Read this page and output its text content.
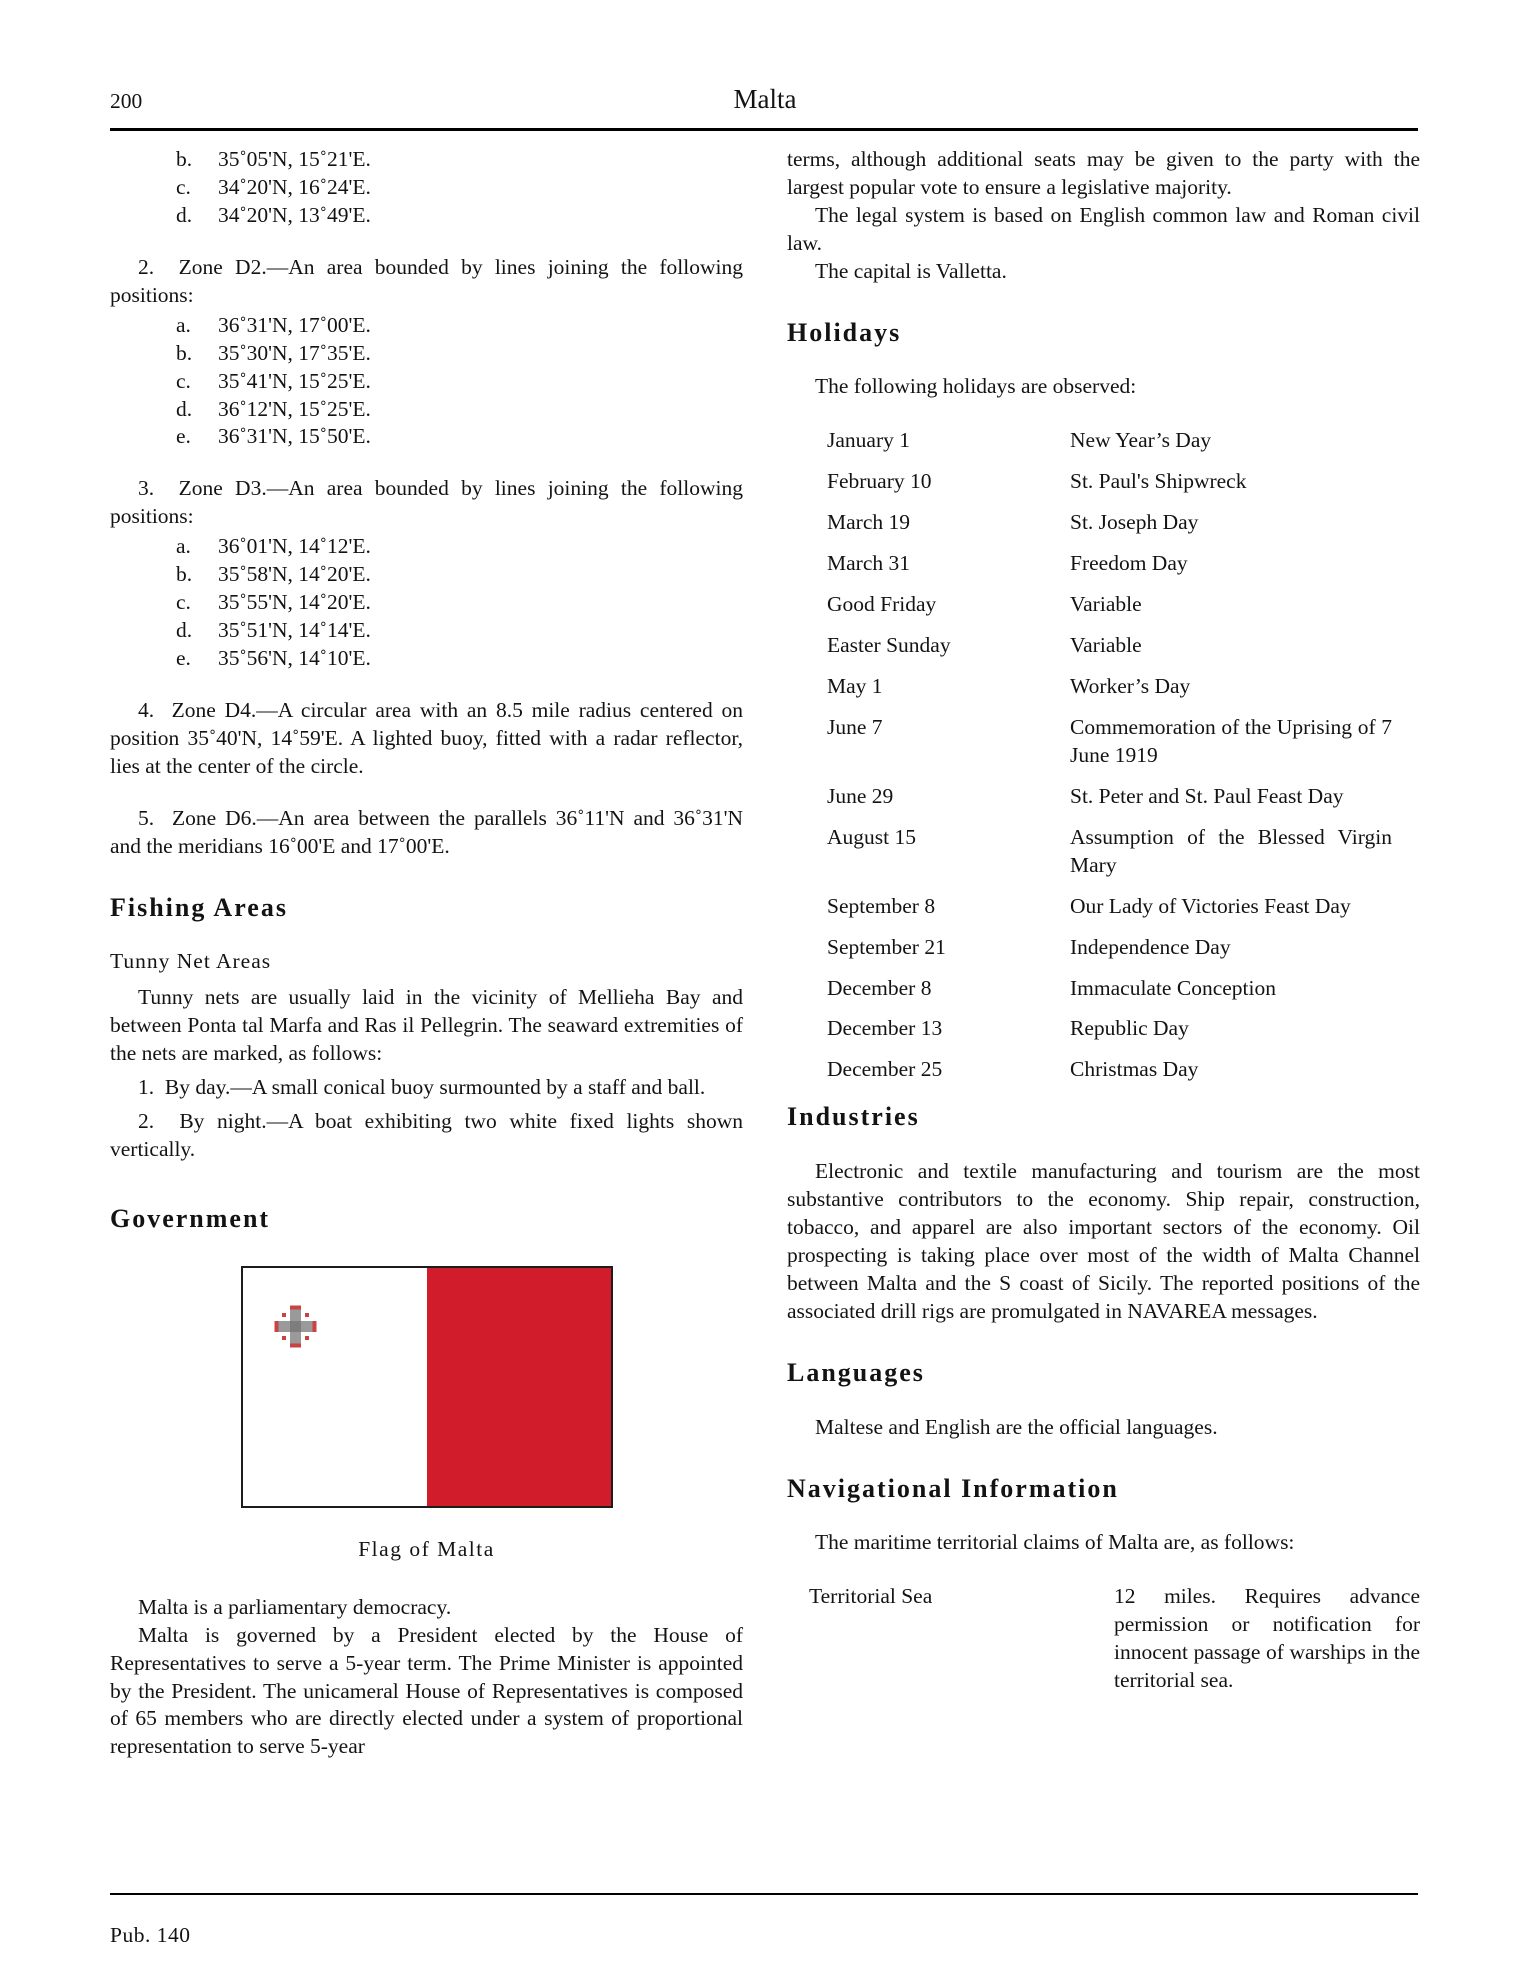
200	Malta
b. 35˚05'N, 15˚21'E.
c. 34˚20'N, 16˚24'E.
d. 34˚20'N, 13˚49'E.
2.  Zone D2.—An area bounded by lines joining the following positions:
a. 36˚31'N, 17˚00'E.
b. 35˚30'N, 17˚35'E.
c. 35˚41'N, 15˚25'E.
d. 36˚12'N, 15˚25'E.
e. 36˚31'N, 15˚50'E.
3.  Zone D3.—An area bounded by lines joining the following positions:
a. 36˚01'N, 14˚12'E.
b. 35˚58'N, 14˚20'E.
c. 35˚55'N, 14˚20'E.
d. 35˚51'N, 14˚14'E.
e. 35˚56'N, 14˚10'E.
4.  Zone D4.—A circular area with an 8.5 mile radius centered on position 35˚40'N, 14˚59'E. A lighted buoy, fitted with a radar reflector, lies at the center of the circle.
5.  Zone D6.—An area between the parallels 36˚11'N and 36˚31'N and the meridians 16˚00'E and 17˚00'E.
Fishing Areas
Tunny Net Areas
Tunny nets are usually laid in the vicinity of Mellieha Bay and between Ponta tal Marfa and Ras il Pellegrin. The seaward extremities of the nets are marked, as follows:
1.  By day.—A small conical buoy surmounted by a staff and ball.
2.  By night.—A boat exhibiting two white fixed lights shown vertically.
Government
Flag of Malta
Malta is a parliamentary democracy.
Malta is governed by a President elected by the House of Representatives to serve a 5-year term. The Prime Minister is appointed by the President. The unicameral House of Representatives is composed of 65 members who are directly elected under a system of proportional representation to serve 5-year
terms, although additional seats may be given to the party with the largest popular vote to ensure a legislative majority.
The legal system is based on English common law and Roman civil law.
The capital is Valletta.
Holidays
The following holidays are observed:
January 1	New Year’s Day
February 10	St. Paul's Shipwreck
March 19	St. Joseph Day
March 31	Freedom Day
Good Friday	Variable
Easter Sunday	Variable
May 1	Worker’s Day
June 7	Commemoration of the Uprising of 7 June 1919
June 29	St. Peter and St. Paul Feast Day
August 15	Assumption of the Blessed Virgin Mary
September 8	Our Lady of Victories Feast Day
September 21	Independence Day
December 8	Immaculate Conception
December 13	Republic Day
December 25	Christmas Day
Industries
Electronic and textile manufacturing and tourism are the most substantive contributors to the economy. Ship repair, construction, tobacco, and apparel are also important sectors of the economy. Oil prospecting is taking place over most of the width of Malta Channel between Malta and the S coast of Sicily. The reported positions of the associated drill rigs are promulgated in NAVAREA messages.
Languages
Maltese and English are the official languages.
Navigational Information
The maritime territorial claims of Malta are, as follows:
Territorial Sea	12 miles. Requires advance permission or notification for innocent passage of warships in the territorial sea.
Pub. 140
